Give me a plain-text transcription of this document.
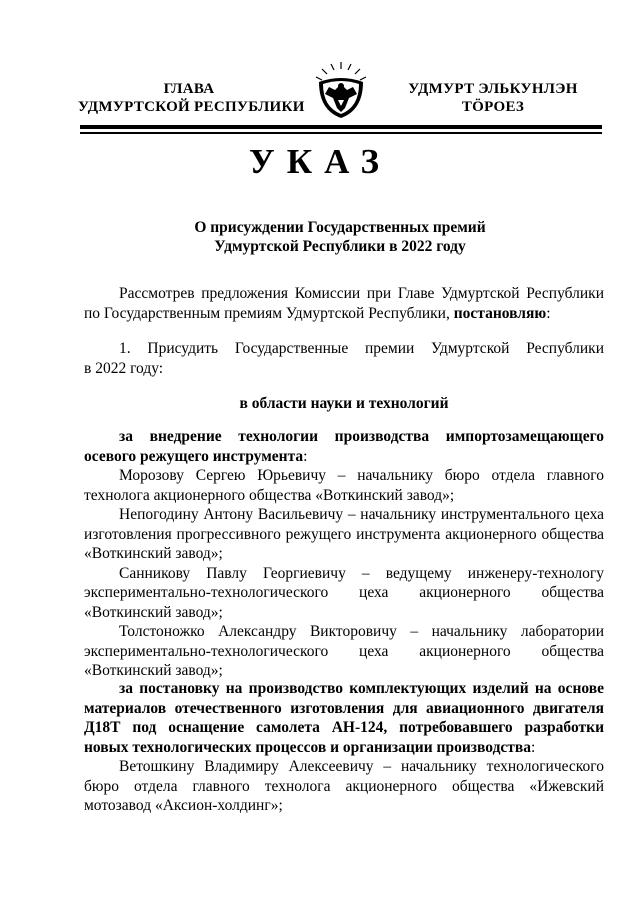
ГЛАВА
УДМУРТСКОЙ РЕСПУБЛИКИ
УДМУРТ ЭЛЬКУНЛЭН
ТӦРОЕЗ
УКАЗ
О присуждении Государственных премий
Удмуртской Республики в 2022 году
Рассмотрев предложения Комиссии при Главе Удмуртской Республики по Государственным премиям Удмуртской Республики, постановляю:
1. Присудить Государственные премии Удмуртской Республики
в 2022 году:
в области науки и технологий
за внедрение технологии производства импортозамещающего осевого режущего инструмента:
Морозову Сергею Юрьевичу – начальнику бюро отдела главного технолога акционерного общества «Воткинский завод»;
Непогодину Антону Васильевичу – начальнику инструментального цеха изготовления прогрессивного режущего инструмента акционерного общества «Воткинский завод»;
Санникову Павлу Георгиевичу – ведущему инженеру-технологу экспериментально-технологического цеха акционерного общества «Воткинский завод»;
Толстоножко Александру Викторовичу – начальнику лаборатории экспериментально-технологического цеха акционерного общества «Воткинский завод»;
за постановку на производство комплектующих изделий на основе материалов отечественного изготовления для авиационного двигателя Д18Т под оснащение самолета АН-124, потребовавшего разработки новых технологических процессов и организации производства:
Ветошкину Владимиру Алексеевичу – начальнику технологического бюро отдела главного технолога акционерного общества «Ижевский мотозавод «Аксион-холдинг»;
